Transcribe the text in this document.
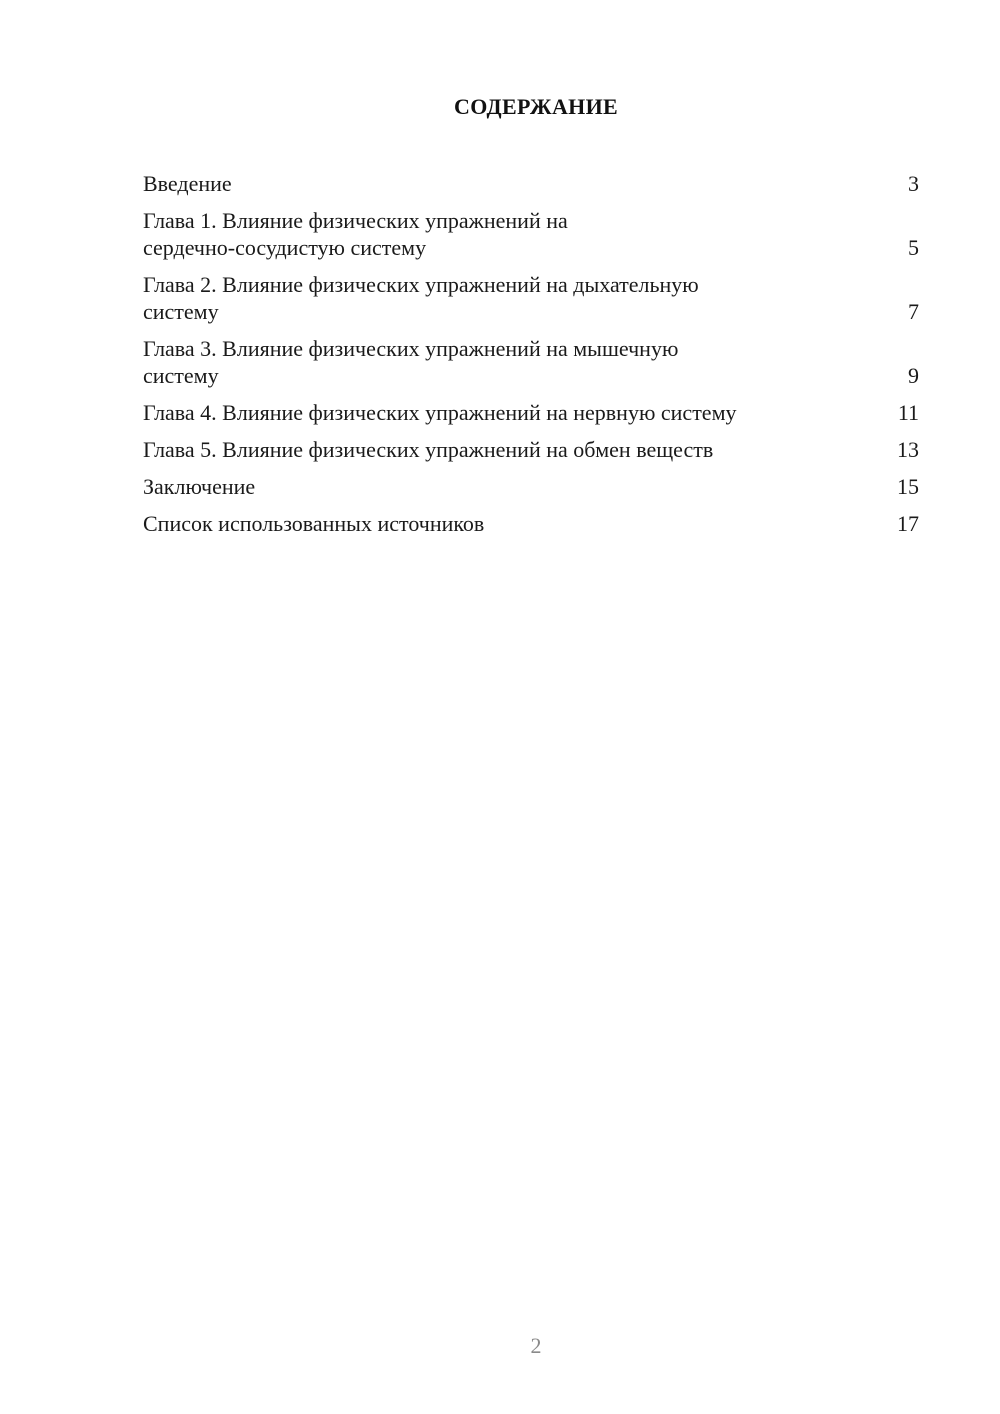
СОДЕРЖАНИЕ
Введение	3
Глава 1. Влияние физических упражнений на
сердечно-сосудистую систему	5
Глава 2. Влияние физических упражнений на дыхательную
систему	7
Глава 3. Влияние физических упражнений на мышечную
систему	9
Глава 4. Влияние физических упражнений на нервную систему	11
Глава 5. Влияние физических упражнений на обмен веществ	13
Заключение	15
Список использованных источников	17
2
